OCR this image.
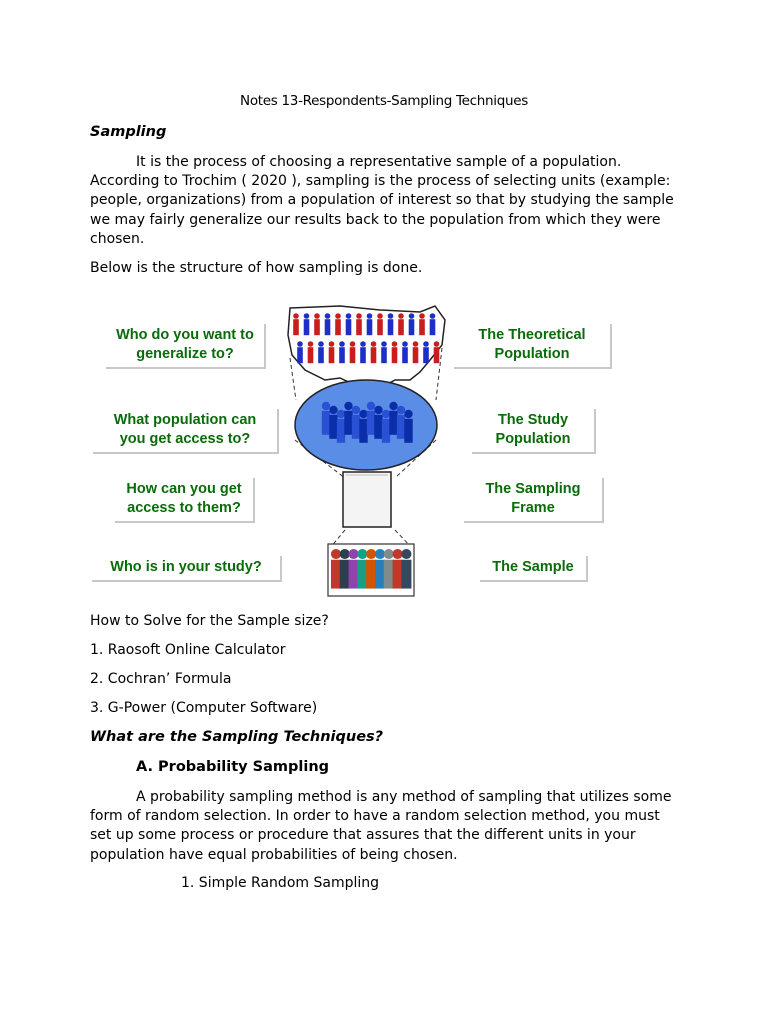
Notes 13-Respondents-Sampling Techniques
Sampling
It is the process of choosing a representative sample of a population. According to Trochim ( 2020 ), sampling is the process of selecting units (example: people, organizations) from a population of interest so that by studying the sample we may fairly generalize our results back to the population from which they were chosen.
Below is the structure of how sampling is done.
Who do you want to
generalize to?
What population can
you get access to?
How can you get
access to them?
Who is in your study?
The Theoretical
Population
The Study
Population
The Sampling
Frame
The Sample
How to Solve for the Sample size?
1. Raosoft Online Calculator
2. Cochran’ Formula
3. G-Power (Computer Software)
What are the Sampling Techniques?
A. Probability Sampling
A probability sampling method is any method of sampling that utilizes some form of random selection. In order to have a random selection method, you must set up some process or procedure that assures that the different units in your population have equal probabilities of being chosen.
1. Simple Random Sampling
